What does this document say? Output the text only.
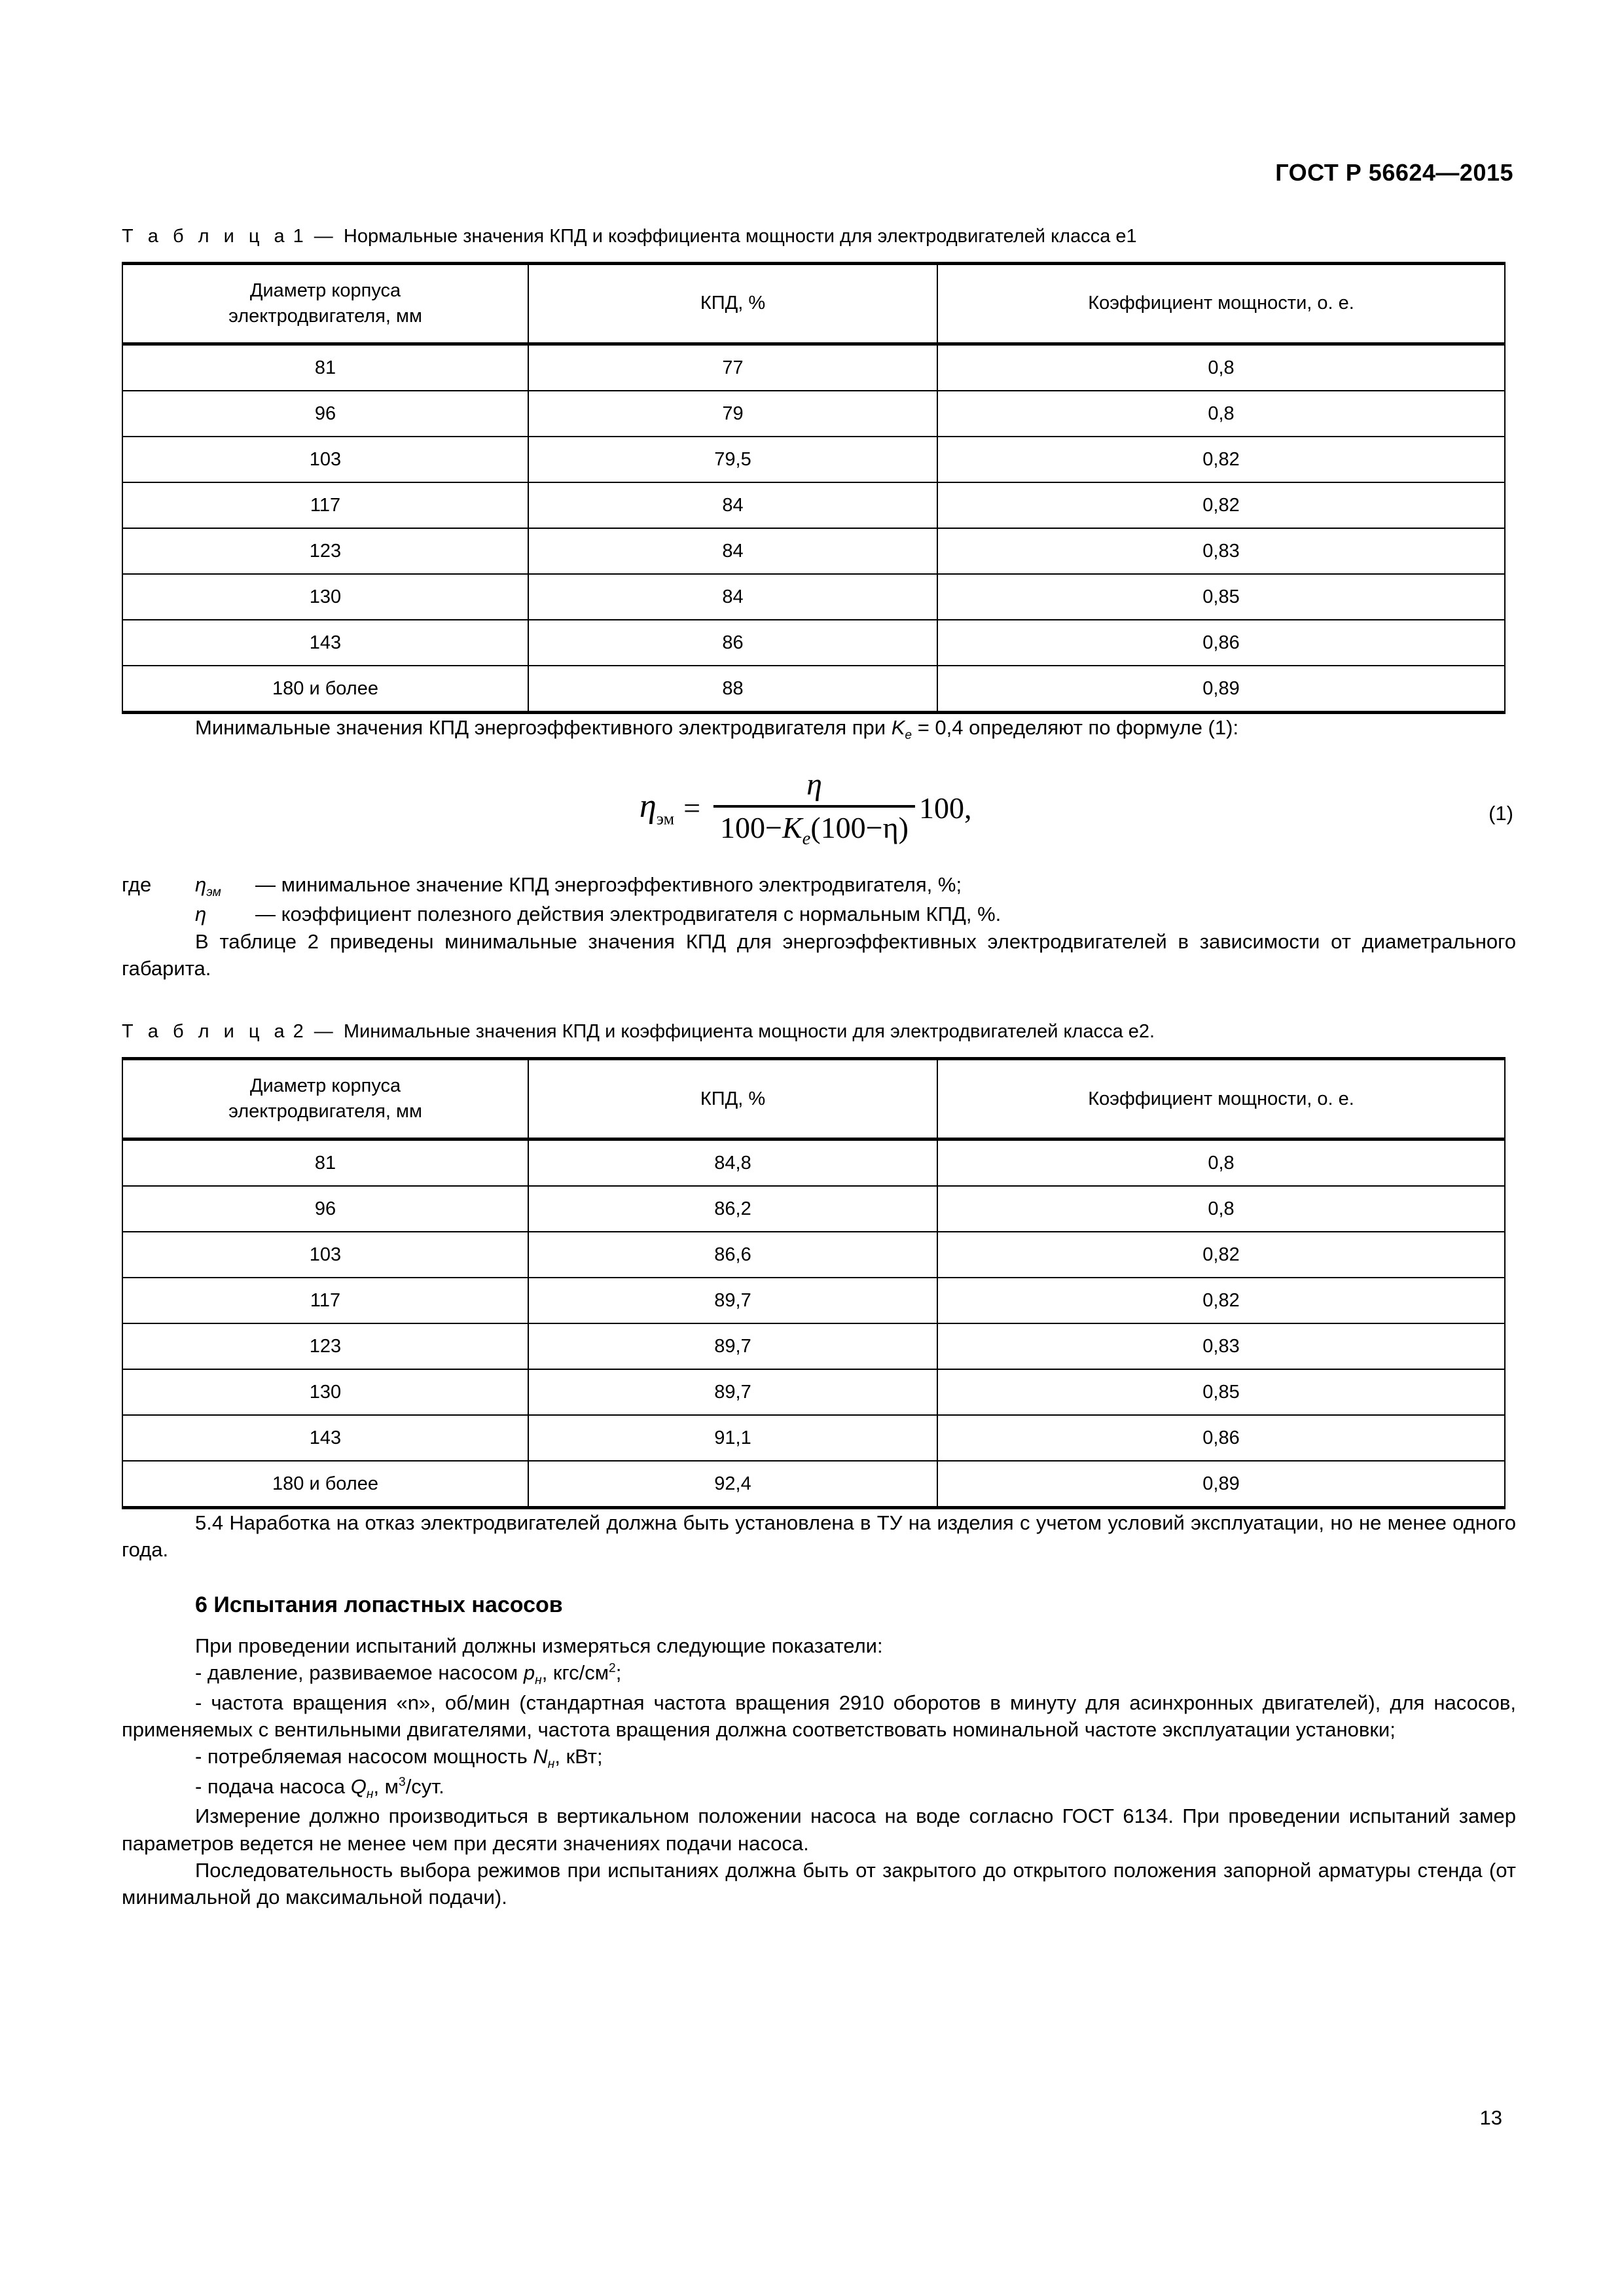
ГОСТ Р 56624—2015
Т а б л и ц а 1 — Нормальные значения КПД и коэффициента мощности для электродвигателей класса е1
Диаметр корпуса
электродвигателя, мм	КПД, %	Коэффициент мощности, о. е.
81	77	0,8
96	79	0,8
103	79,5	0,82
117	84	0,82
123	84	0,83
130	84	0,85
143	86	0,86
180 и более	88	0,89

Минимальные значения КПД энергоэффективного электродвигателя при $K_е = 0,4$ определяют по формуле (1):

$\eta_{эм} = \frac{\eta}{100-K_е(100-\eta)} 100$,	(1)
где	$\eta_{эм}$	— минимальное значение КПД энергоэффективного электродвигателя, %;
η	— коэффициент полезного действия электродвигателя с нормальным КПД, %.

В таблице 2 приведены минимальные значения КПД для энергоэффективных электродвигателей в зависимости от диаметрального габарита.

Т а б л и ц а 2 — Минимальные значения КПД и коэффициента мощности для электродвигателей класса е2.
Диаметр корпуса
электродвигателя, мм	КПД, %	Коэффициент мощности, о. е.
81	84,8	0,8
96	86,2	0,8
103	86,6	0,82
117	89,7	0,82
123	89,7	0,83
130	89,7	0,85
143	91,1	0,86
180 и более	92,4	0,89

5.4 Наработка на отказ электродвигателей должна быть установлена в ТУ на изделия с учетом условий эксплуатации, но не менее одного года.

6 Испытания лопастных насосов

При проведении испытаний должны измеряться следующие показатели:

- давление, развиваемое насосом $p_н$, кгс/$см^2$;

- частота вращения «n», об/мин (стандартная частота вращения 2910 оборотов в минуту для асинхронных двигателей), для насосов, применяемых с вентильными двигателями, частота вращения должна соответствовать номинальной частоте эксплуатации установки;

- потребляемая насосом мощность $N_н$, кВт;

- подача насоса $Q_н$, $м^3$/сут.

Измерение должно производиться в вертикальном положении насоса на воде согласно ГОСТ 6134. При проведении испытаний замер параметров ведется не менее чем при десяти значениях подачи насоса.

Последовательность выбора режимов при испытаниях должна быть от закрытого до открытого положения запорной арматуры стенда (от минимальной до максимальной подачи).

13
